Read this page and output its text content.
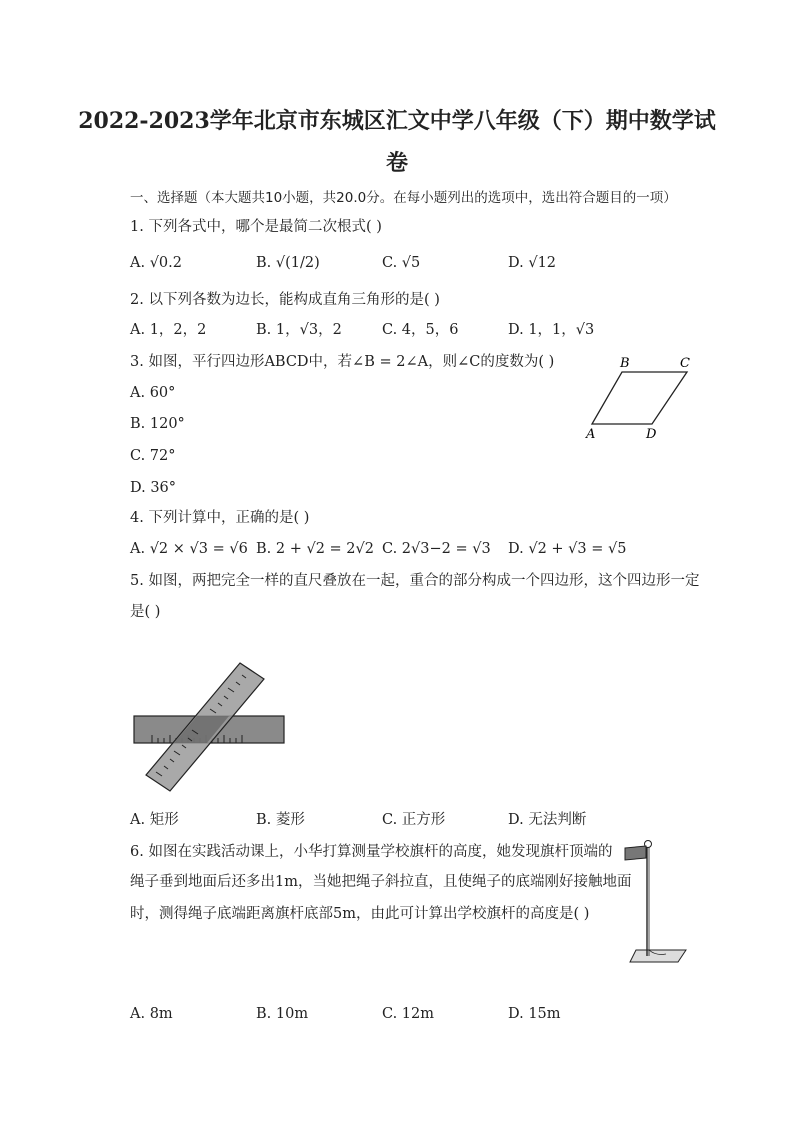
2022-2023学年北京市东城区汇文中学八年级（下）期中数学试
卷
一、选择题（本大题共10小题，共20.0分。在每小题列出的选项中，选出符合题目的一项）
1. 下列各式中，哪个是最简二次根式( )
A. √0.2	B. √(1/2)	C. √5	D. √12
2. 以下列各数为边长，能构成直角三角形的是( )
A. 1，2，2	B. 1，√3，2	C. 4，5，6	D. 1，1，√3
3. 如图，平行四边形ABCD中，若∠B = 2∠A，则∠C的度数为( )
A. 60°
B. 120°
C. 72°
D. 36°
B	C
A	D
4. 下列计算中，正确的是( )
A. √2 × √3 = √6 B. 2 + √2 = 2√2 C. 2√3−2 = √3 D. √2 + √3 = √5
5. 如图，两把完全一样的直尺叠放在一起，重合的部分构成一个四边形，这个四边形一定
是( )
A. 矩形	B. 菱形	C. 正方形	D. 无法判断
6. 如图在实践活动课上，小华打算测量学校旗杆的高度，她发现旗杆顶端的
绳子垂到地面后还多出1m，当她把绳子斜拉直，且使绳子的底端刚好接触地面
时，测得绳子底端距离旗杆底部5m，由此可计算出学校旗杆的高度是( )
A. 8m	B. 10m	C. 12m	D. 15m
